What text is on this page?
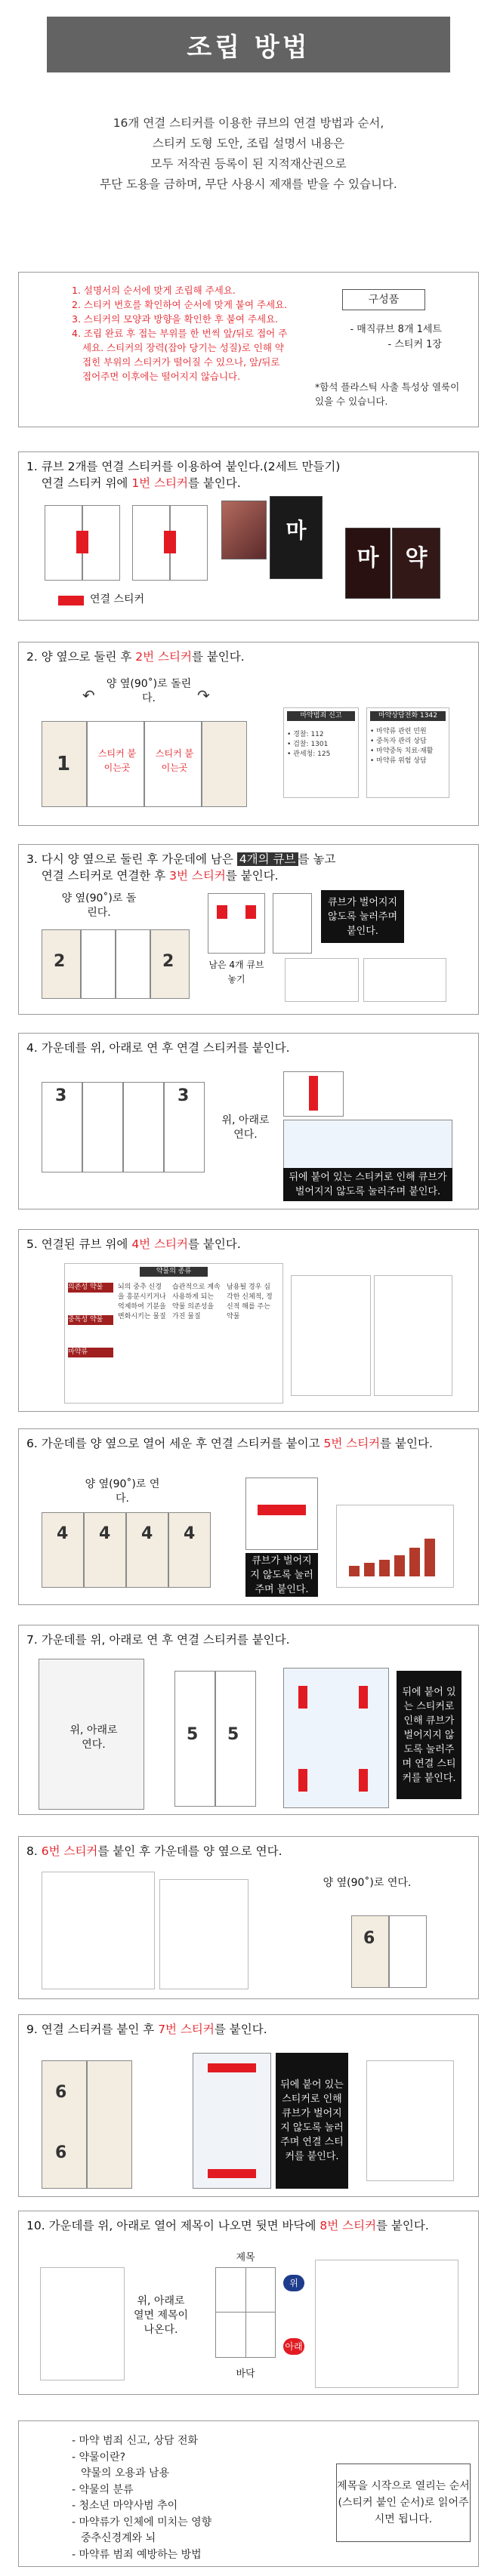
조립 방법

16개 연결 스티커를 이용한 큐브의 연결 방법과 순서,

스티커 도형 도안, 조립 설명서 내용은

모두 저작권 등록이 된 지적재산권으로

무단 도용을 금하며, 무단 사용시 제재를 받을 수 있습니다.

1. 설명서의 순서에 맞게 조립해 주세요.
2. 스티커 번호를 확인하여 순서에 맞게 붙여 주세요.
3. 스티커의 모양과 방향을 확인한 후 붙여 주세요.
4. 조립 완료 후 접는 부위를 한 번씩 앞/뒤로 접어 주세요. 스티커의 장력(잡아 당기는 성질)로 인해 약 접힌 부위의 스티커가 떨어질 수 있으나, 앞/뒤로 접어주면 이후에는 떨어지지 않습니다.
구성품
- 매직큐브 8개 1세트
- 스티커 1장
*함석 플라스틱 사출 특성상 열룩이 있을 수 있습니다.
1. 큐브 2개를 연결 스티커를 이용하여 붙인다.(2세트 만들기)
연결 스티커 위에 1번 스티커를 붙인다.
마
마	약
연결 스티커
2. 양 옆으로 둘린 후 2번 스티커를 붙인다.
양 옆(90˚)로 돌린다.
↶	↷
1	스티커 붙이는곳
스티커 붙이는곳
마약범죄 신고
• 경찰: 112
• 검찰: 1301
• 관세청: 125
마약상담전화 1342
• 마약류 관련 민원
• 중독자 관리 상담
• 마약중독 치료·재활
• 마약류 위험 상담
3. 다시 양 옆으로 둘린 후 가운데에 남은 4개의 큐브 를 놓고
연결 스티커로 연결한 후 3번 스티커를 붙인다.
양 옆(90˚)로 돌린다.
2	2	남은 4개 큐브 놓기
큐브가 벌어지지 않도록 눌러주며 붙인다.
4. 가운데를 위, 아래로 연 후 연결 스티커를 붙인다.
3	3
위, 아래로 연다.
뒤에 붙어 있는 스티커로 인해 큐브가 벌어지지 않도록 눌러주며 붙인다.
5. 연결된 큐브 위에 4번 스티커를 붙인다.
약물의 종류
의존성 약물
중독성 약물
마약류
뇌의 중추 신경을 흥분시키거나 억제하여 기분을 변화시키는 물질
습관적으로 계속 사용하게 되는 약물 의존성을 가진 물질
남용될 경우 심각한 신체적, 정신적 해를 주는 약물
6. 가운데를 양 옆으로 열어 세운 후 연결 스티커를 붙이고 5번 스티커를 붙인다.
양 옆(90˚)로 연다.
4 4 4 4
큐브가 벌어지지 않도록 눌러주며 붙인다.
7. 가운데를 위, 아래로 연 후 연결 스티커를 붙인다.
위, 아래로 연다.
5 5
뒤에 붙어 있는 스티커로 인해 큐브가 벌어지지 않도록 눌러주며 연결 스티커를 붙인다.
8. 6번 스티커를 붙인 후 가운데를 양 옆으로 연다.
양 옆(90˚)로 연다.
6
9. 연결 스티커를 붙인 후 7번 스티커를 붙인다.
6
6
뒤에 붙어 있는 스티커로 인해 큐브가 벌어지지 않도록 눌러주며 연결 스티커를 붙인다.
10. 가운데를 위, 아래로 열어 제목이 나오면 뒷면 바닥에 8번 스티커를 붙인다.
위, 아래로 열면 제목이 나온다.
제목
바닥
위
아래
- 마약 범죄 신고, 상담 전화
- 약물이란?
약물의 오용과 남용
- 약물의 분류
- 청소년 마약사범 추이
- 마약류가 인체에 미치는 영향
중추신경계와 뇌
- 마약류 범죄 예방하는 방법
제목을 시작으로 열리는 순서 (스티커 붙인 순서)로 읽어주시면 됩니다.
